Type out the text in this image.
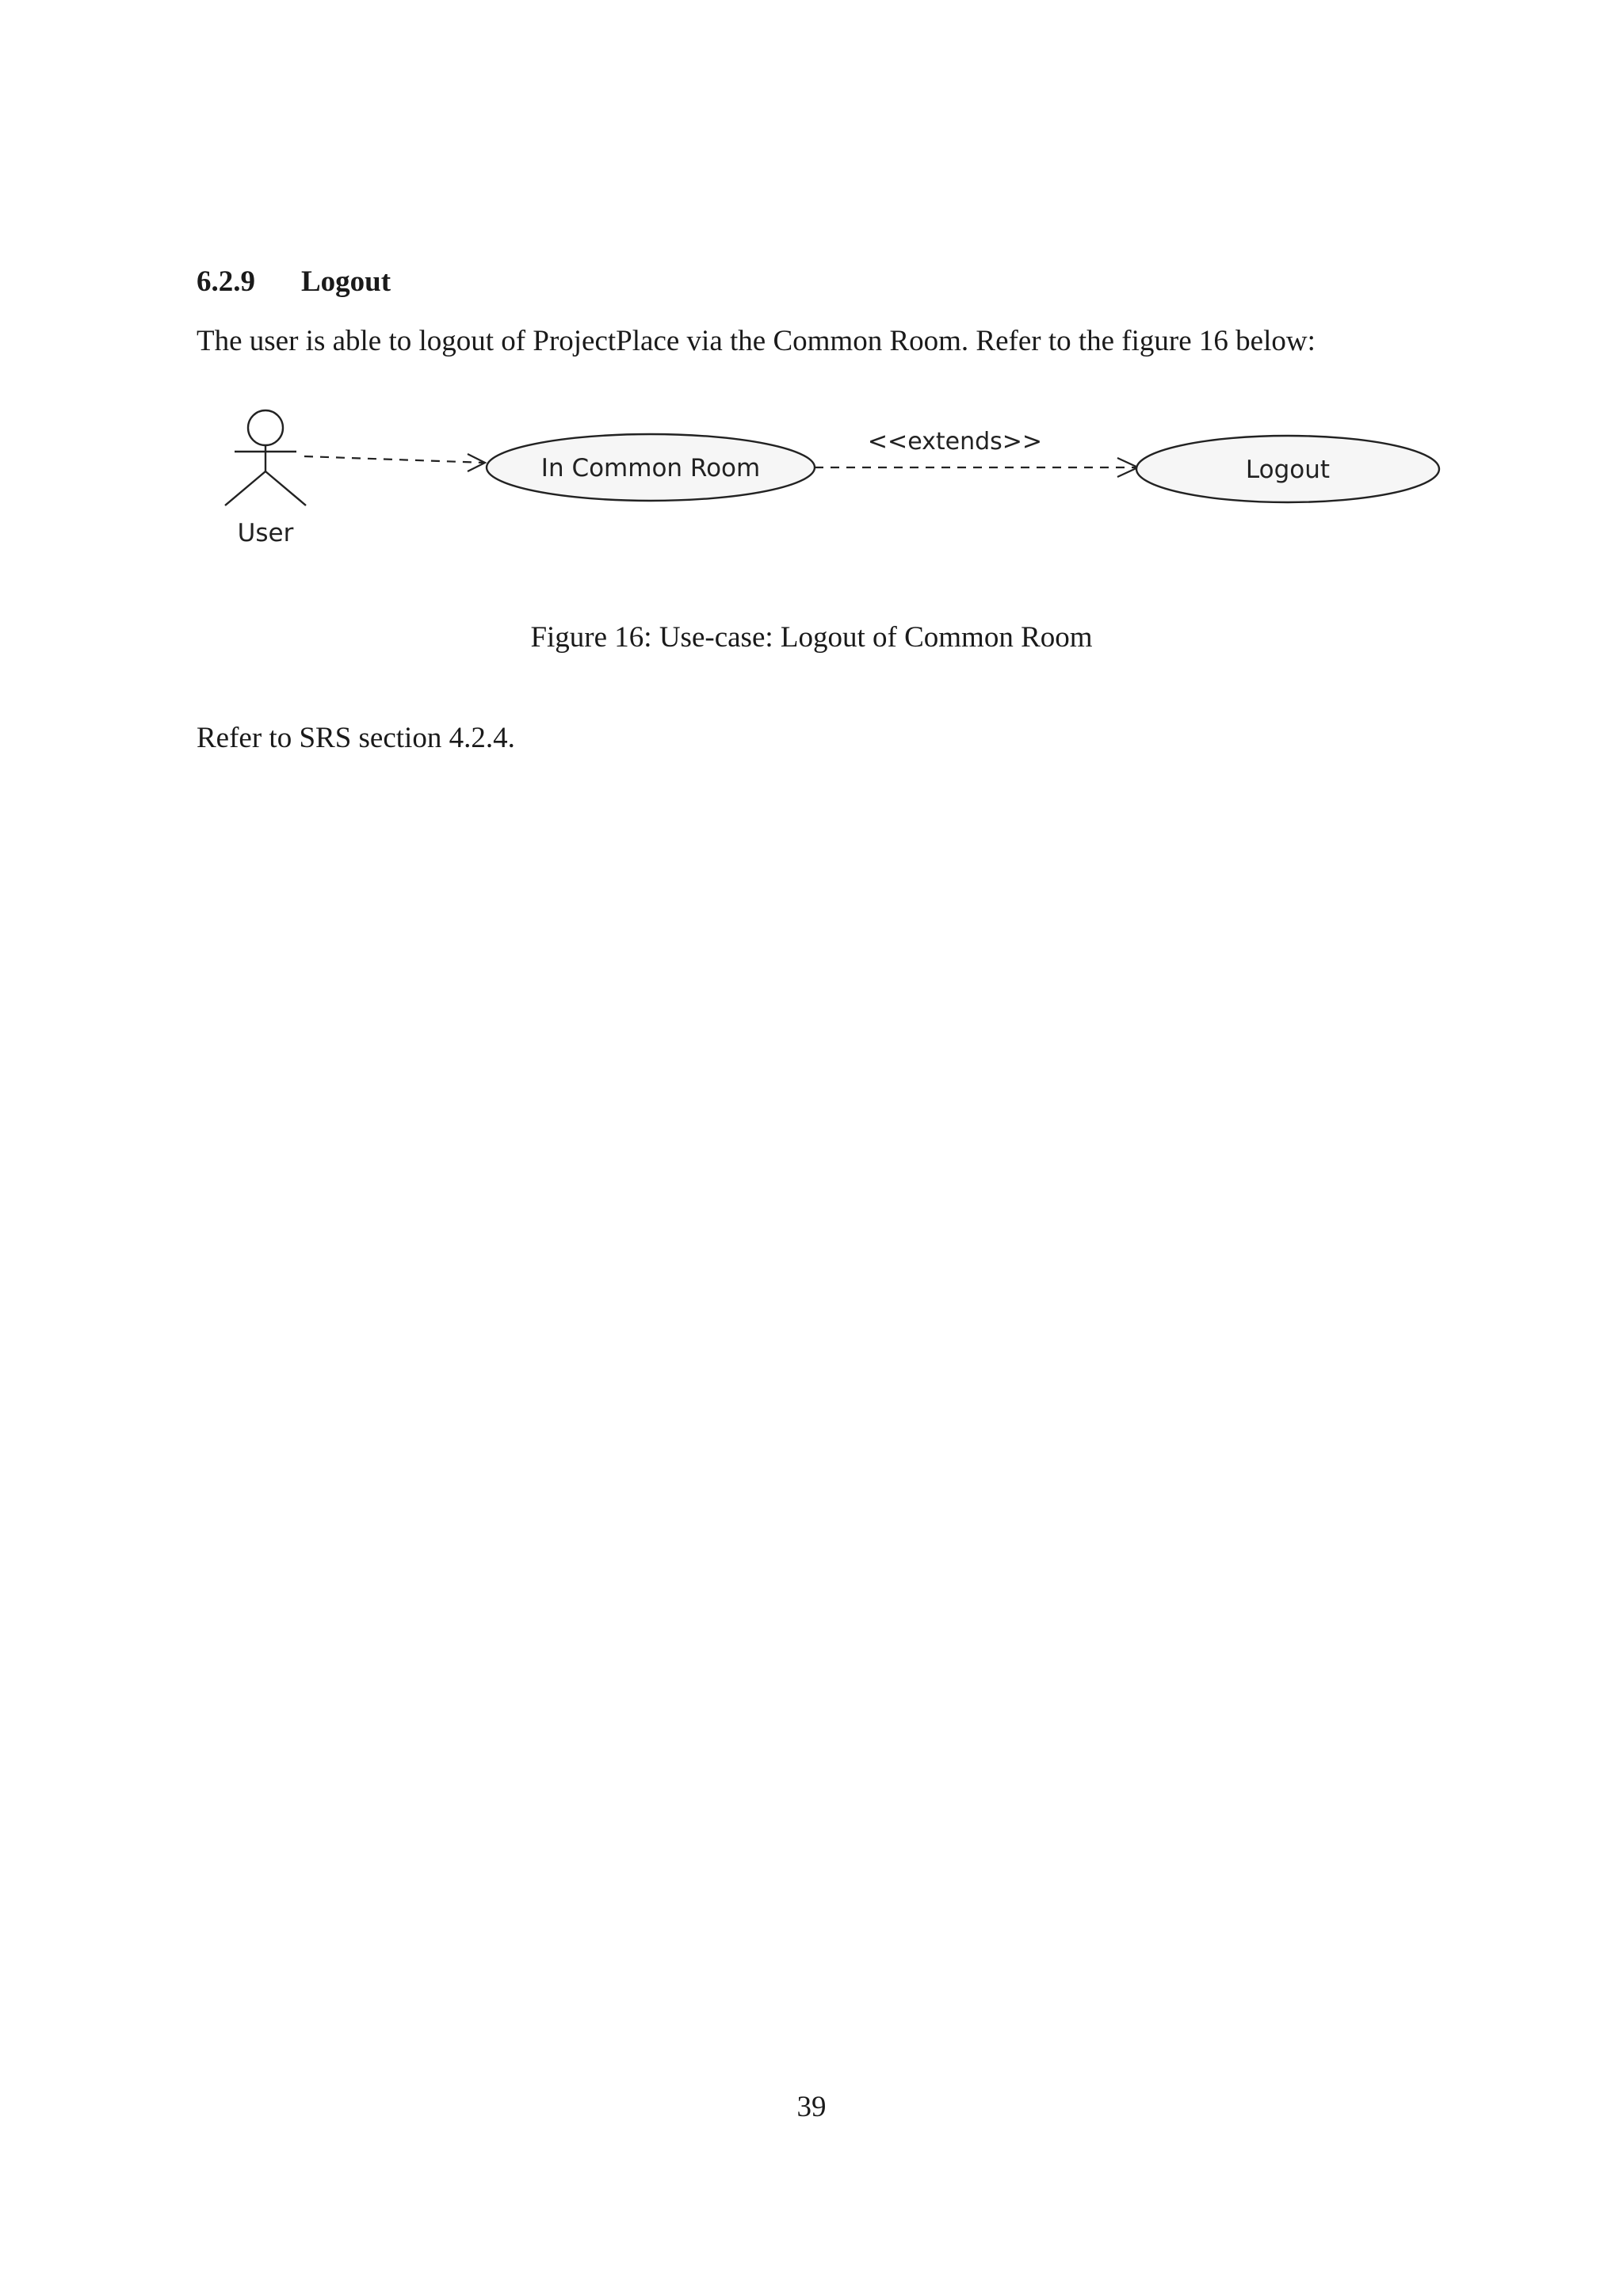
6.2.9 Logout
The user is able to logout of ProjectPlace via the Common Room. Refer to the figure 16 below:
User
In Common Room
<<extends>>
Logout
Figure 16: Use-case: Logout of Common Room
Refer to SRS section 4.2.4.
39
